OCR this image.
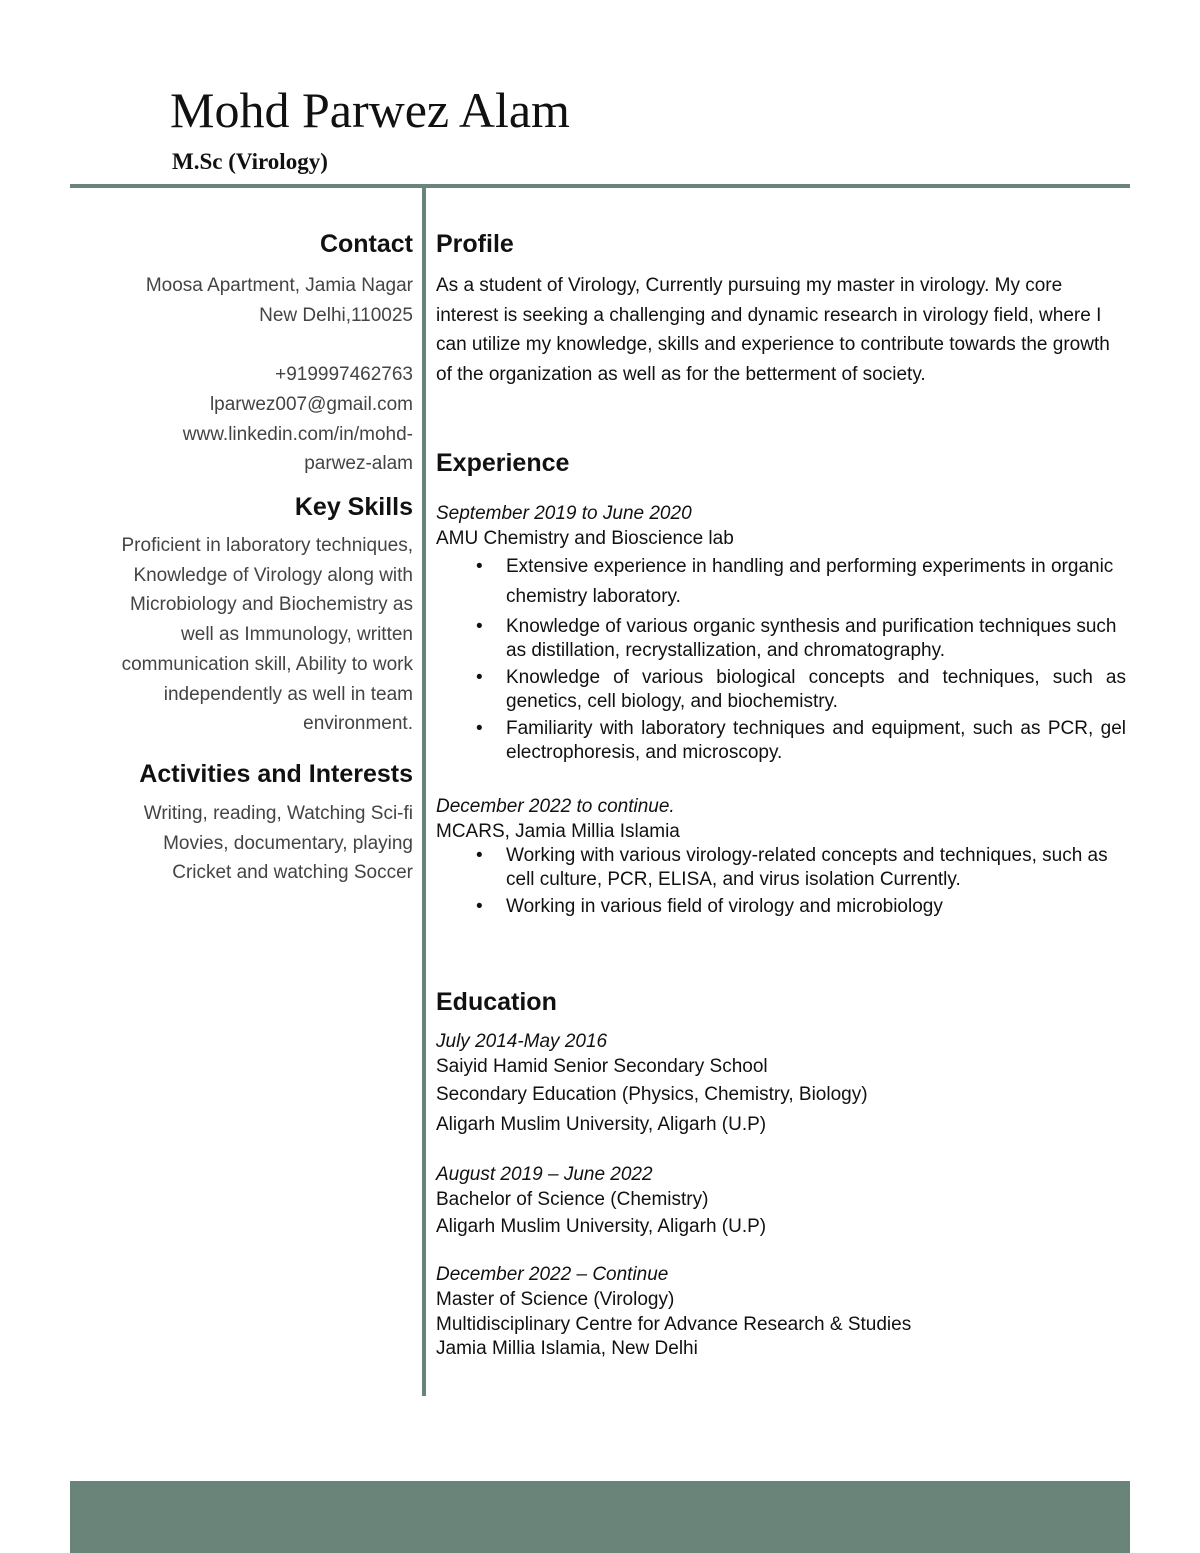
Mohd Parwez Alam
M.Sc (Virology)
Contact
Moosa Apartment, Jamia Nagar
New Delhi,110025
+919997462763
lparwez007@gmail.com
www.linkedin.com/in/mohd-
parwez-alam
Key Skills
Proficient in laboratory techniques,
Knowledge of Virology along with
Microbiology and Biochemistry as
well as Immunology, written
communication skill, Ability to work
independently as well in team
environment.
Activities and Interests
Writing, reading, Watching Sci-fi
Movies, documentary, playing
Cricket and watching Soccer
Profile
As a student of Virology, Currently pursuing my master in virology. My core interest is seeking a challenging and dynamic research in virology field, where I can utilize my knowledge, skills and experience to contribute towards the growth of the organization as well as for the betterment of society.
Experience
September 2019 to June 2020
AMU Chemistry and Bioscience lab
• Extensive experience in handling and performing experiments in organic chemistry laboratory.
• Knowledge of various organic synthesis and purification techniques such as distillation, recrystallization, and chromatography.
• Knowledge of various biological concepts and techniques, such as genetics, cell biology, and biochemistry.
• Familiarity with laboratory techniques and equipment, such as PCR, gel electrophoresis, and microscopy.
December 2022 to continue.
MCARS, Jamia Millia Islamia
• Working with various virology-related concepts and techniques, such as cell culture, PCR, ELISA, and virus isolation Currently.
• Working in various field of virology and microbiology
Education
July 2014-May 2016
Saiyid Hamid Senior Secondary School
Secondary Education (Physics, Chemistry, Biology)
Aligarh Muslim University, Aligarh (U.P)
August 2019 – June 2022
Bachelor of Science (Chemistry)
Aligarh Muslim University, Aligarh (U.P)
December 2022 – Continue
Master of Science (Virology)
Multidisciplinary Centre for Advance Research & Studies
Jamia Millia Islamia, New Delhi
